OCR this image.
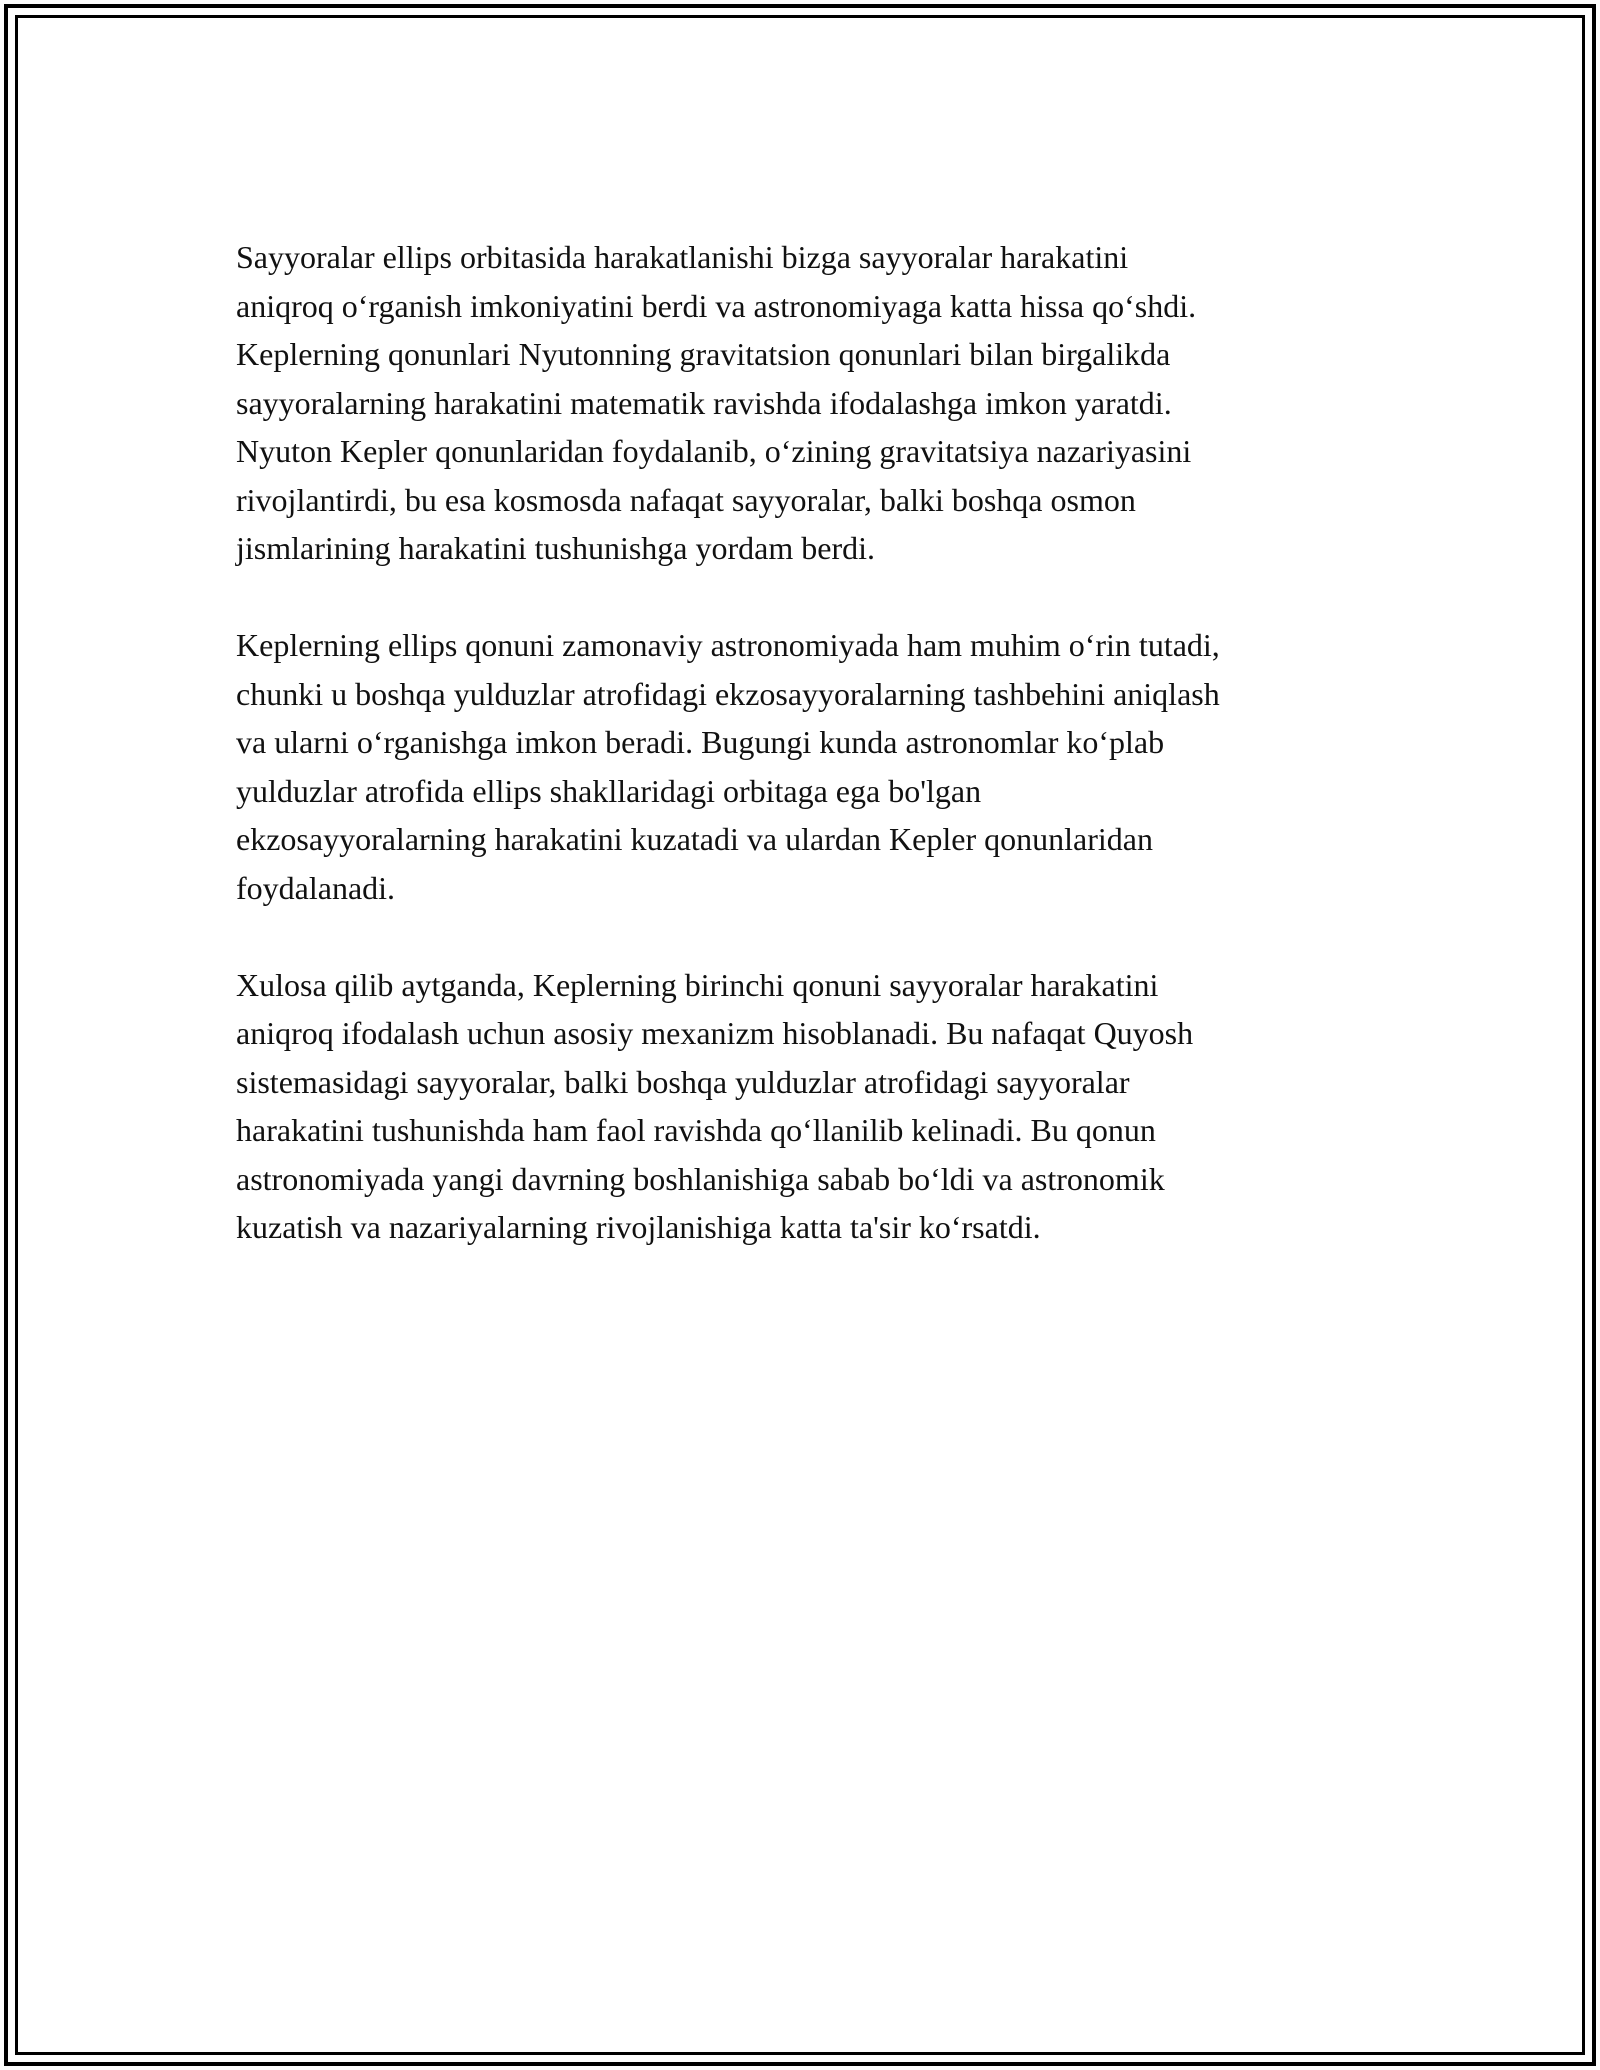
Sayyoralar ellips orbitasida harakatlanishi bizga sayyoralar harakatini
aniqroq o‘rganish imkoniyatini berdi va astronomiyaga katta hissa qo‘shdi.
Keplerning qonunlari Nyutonning gravitatsion qonunlari bilan birgalikda
sayyoralarning harakatini matematik ravishda ifodalashga imkon yaratdi.
Nyuton Kepler qonunlaridan foydalanib, o‘zining gravitatsiya nazariyasini
rivojlantirdi, bu esa kosmosda nafaqat sayyoralar, balki boshqa osmon
jismlarining harakatini tushunishga yordam berdi.

Keplerning ellips qonuni zamonaviy astronomiyada ham muhim o‘rin tutadi,
chunki u boshqa yulduzlar atrofidagi ekzosayyoralarning tashbehini aniqlash
va ularni o‘rganishga imkon beradi. Bugungi kunda astronomlar ko‘plab
yulduzlar atrofida ellips shakllaridagi orbitaga ega bo'lgan
ekzosayyoralarning harakatini kuzatadi va ulardan Kepler qonunlaridan
foydalanadi.

Xulosa qilib aytganda, Keplerning birinchi qonuni sayyoralar harakatini
aniqroq ifodalash uchun asosiy mexanizm hisoblanadi. Bu nafaqat Quyosh
sistemasidagi sayyoralar, balki boshqa yulduzlar atrofidagi sayyoralar
harakatini tushunishda ham faol ravishda qo‘llanilib kelinadi. Bu qonun
astronomiyada yangi davrning boshlanishiga sabab bo‘ldi va astronomik
kuzatish va nazariyalarning rivojlanishiga katta ta'sir ko‘rsatdi.
